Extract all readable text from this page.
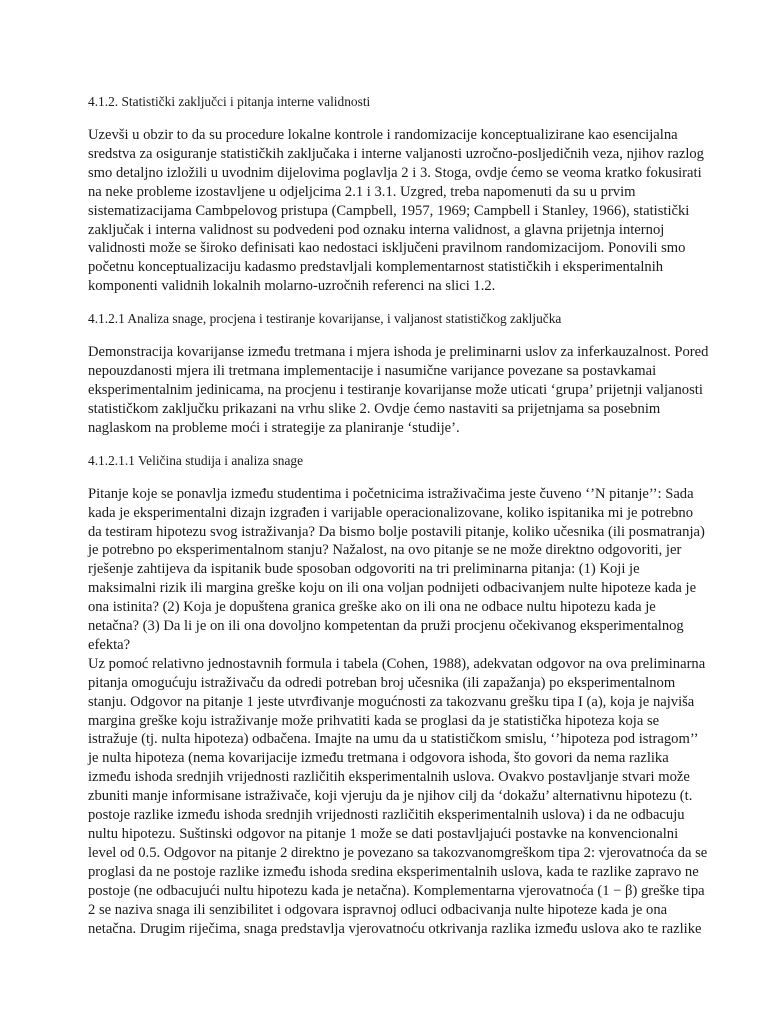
4.1.2. Statistički zaključci i pitanja interne validnosti
Uzevši u obzir to da su procedure lokalne kontrole i randomizacije konceptualizirane kao esencijalna
sredstva za osiguranje statističkih zaključaka i interne valjanosti uzročno-posljedičnih veza, njihov razlog
smo detaljno izložili u uvodnim dijelovima poglavlja 2 i 3. Stoga, ovdje ćemo se veoma kratko fokusirati
na neke probleme izostavljene u odjeljcima 2.1 i 3.1. Uzgred, treba napomenuti da su u prvim
sistematizacijama Cambpelovog pristupa (Campbell, 1957, 1969; Campbell i Stanley, 1966), statistički
zaključak i interna validnost su podvedeni pod oznaku interna validnost, a glavna prijetnja internoj
validnosti može se široko definisati kao nedostaci isključeni pravilnom randomizacijom. Ponovili smo
početnu konceptualizaciju kadasmo predstavljali komplementarnost statističkih i eksperimentalnih
komponenti validnih lokalnih molarno-uzročnih referenci na slici 1.2.
4.1.2.1 Analiza snage, procjena i testiranje kovarijanse, i valjanost statističkog zaključka
Demonstracija kovarijanse između tretmana i mjera ishoda je preliminarni uslov za inferkauzalnost. Pored
nepouzdanosti mjera ili tretmana implementacije i nasumične varijance povezane sa postavkamai
eksperimentalnim jedinicama, na procjenu i testiranje kovarijanse može uticati ‘grupa’ prijetnji valjanosti
statističkom zaključku prikazani na vrhu slike 2. Ovdje ćemo nastaviti sa prijetnjama sa posebnim
naglaskom na probleme moći i strategije za planiranje ‘studije’.
4.1.2.1.1 Veličina studija i analiza snage
Pitanje koje se ponavlja između studentima i početnicima istraživačima jeste čuveno ‘’N pitanje’’: Sada
kada je eksperimentalni dizajn izgrađen i varijable operacionalizovane, koliko ispitanika mi je potrebno
da testiram hipotezu svog istraživanja? Da bismo bolje postavili pitanje, koliko učesnika (ili posmatranja)
je potrebno po eksperimentalnom stanju? Nažalost, na ovo pitanje se ne može direktno odgovoriti, jer
rješenje zahtijeva da ispitanik bude sposoban odgovoriti na tri preliminarna pitanja: (1) Koji je
maksimalni rizik ili margina greške koju on ili ona voljan podnijeti odbacivanjem nulte hipoteze kada je
ona istinita? (2) Koja je dopuštena granica greške ako on ili ona ne odbace nultu hipotezu kada je
netačna? (3) Da li je on ili ona dovoljno kompetentan da pruži procjenu očekivanog eksperimentalnog
efekta?
Uz pomoć relativno jednostavnih formula i tabela (Cohen, 1988), adekvatan odgovor na ova preliminarna
pitanja omogućuju istraživaču da odredi potreban broj učesnika (ili zapažanja) po eksperimentalnom
stanju. Odgovor na pitanje 1 jeste utvrđivanje mogućnosti za takozvanu grešku tipa I (a), koja je najviša
margina greške koju istraživanje može prihvatiti kada se proglasi da je statistička hipoteza koja se
istražuje (tj. nulta hipoteza) odbačena. Imajte na umu da u statističkom smislu, ‘’hipoteza pod istragom’’
je nulta hipoteza (nema kovarijacije između tretmana i odgovora ishoda, što govori da nema razlika
između ishoda srednjih vrijednosti različitih eksperimentalnih uslova. Ovakvo postavljanje stvari može
zbuniti manje informisane istraživače, koji vjeruju da je njihov cilj da ‘dokažu’ alternativnu hipotezu (t.
postoje razlike između ishoda srednjih vrijednosti različitih eksperimentalnih uslova) i da ne odbacuju
nultu hipotezu. Suštinski odgovor na pitanje 1 može se dati postavljajući postavke na konvencionalni
level od 0.5. Odgovor na pitanje 2 direktno je povezano sa takozvanomgreškom tipa 2: vjerovatnoća da se
proglasi da ne postoje razlike između ishoda sredina eksperimentalnih uslova, kada te razlike zapravo ne
postoje (ne odbacujući nultu hipotezu kada je netačna). Komplementarna vjerovatnoća (1 − β) greške tipa
2 se naziva snaga ili senzibilitet i odgovara ispravnoj odluci odbacivanja nulte hipoteze kada je ona
netačna. Drugim riječima, snaga predstavlja vjerovatnoću otkrivanja razlika između uslova ako te razlike
